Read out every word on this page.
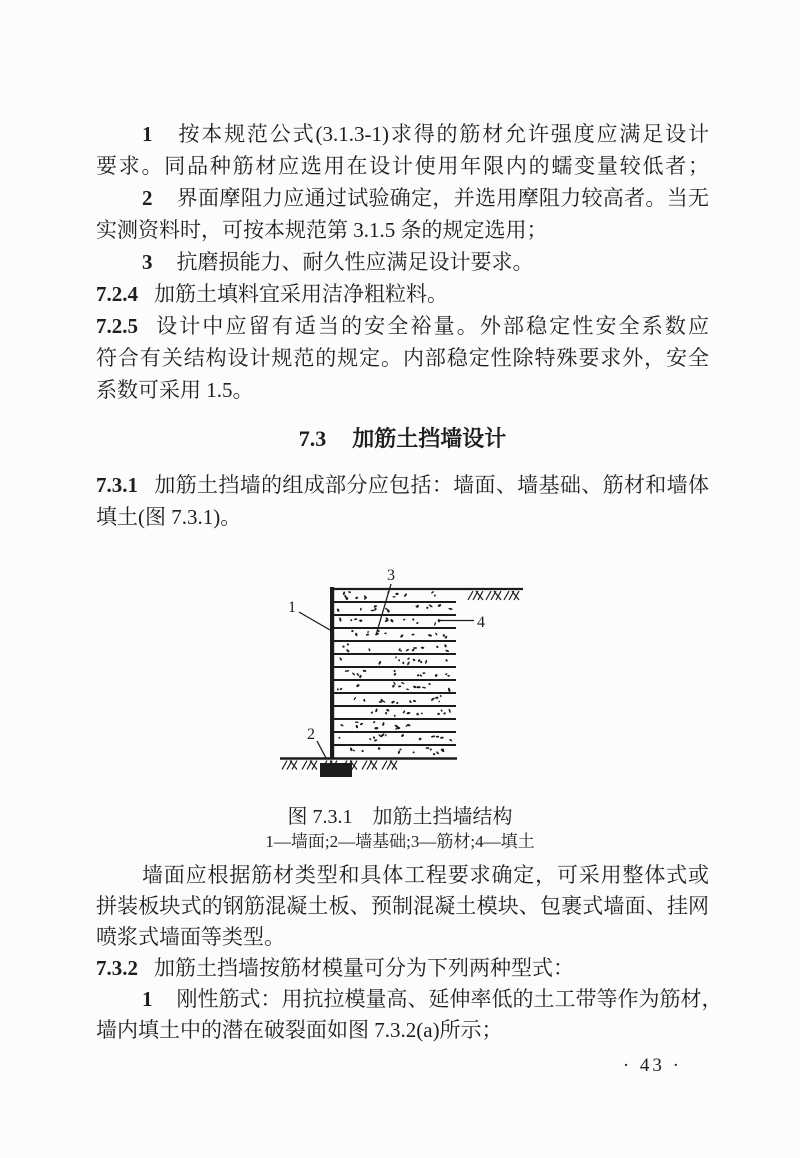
1 按本规范公式(3.1.3-1)求得的筋材允许强度应满足设计
要求。同品种筋材应选用在设计使用年限内的蠕变量较低者；
2 界面摩阻力应通过试验确定，并选用摩阻力较高者。当无
实测资料时，可按本规范第 3.1.5 条的规定选用；
3 抗磨损能力、耐久性应满足设计要求。
7.2.4 加筋土填料宜采用洁净粗粒料。
7.2.5 设计中应留有适当的安全裕量。外部稳定性安全系数应
符合有关结构设计规范的规定。内部稳定性除特殊要求外，安全
系数可采用 1.5。
7.3 加筋土挡墙设计
7.3.1 加筋土挡墙的组成部分应包括：墙面、墙基础、筋材和墙体
填土(图 7.3.1)。
1
2
3
4
图 7.3.1　加筋土挡墙结构
1—墙面;2—墙基础;3—筋材;4—填土
墙面应根据筋材类型和具体工程要求确定，可采用整体式或
拼装板块式的钢筋混凝土板、预制混凝土模块、包裹式墙面、挂网
喷浆式墙面等类型。
7.3.2 加筋土挡墙按筋材模量可分为下列两种型式：
1 刚性筋式：用抗拉模量高、延伸率低的土工带等作为筋材，
墙内填土中的潜在破裂面如图 7.3.2(a)所示；
· 43 ·
